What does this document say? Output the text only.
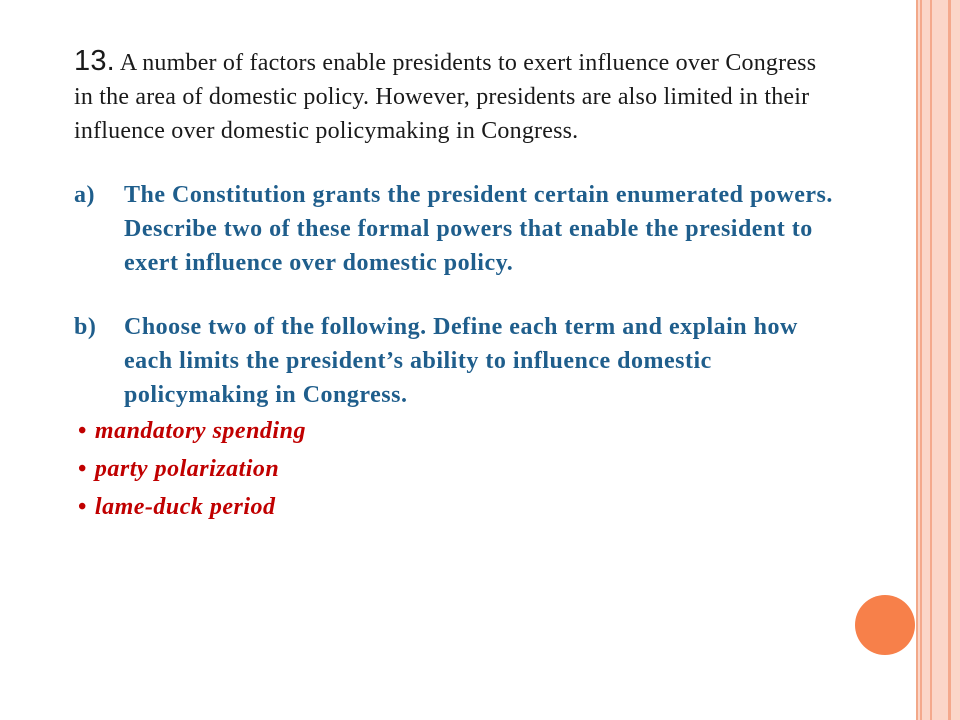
13. A number of factors enable presidents to exert influence over Congress in the area of domestic policy. However, presidents are also limited in their influence over domestic policymaking in Congress.

a)	The Constitution grants the president certain enumerated powers. Describe two of these formal powers that enable the president to exert influence over domestic policy.
b)	Choose two of the following. Define each term and explain how each limits the president’s ability to influence domestic policymaking in Congress.
• mandatory spending
• party polarization
• lame-duck period
